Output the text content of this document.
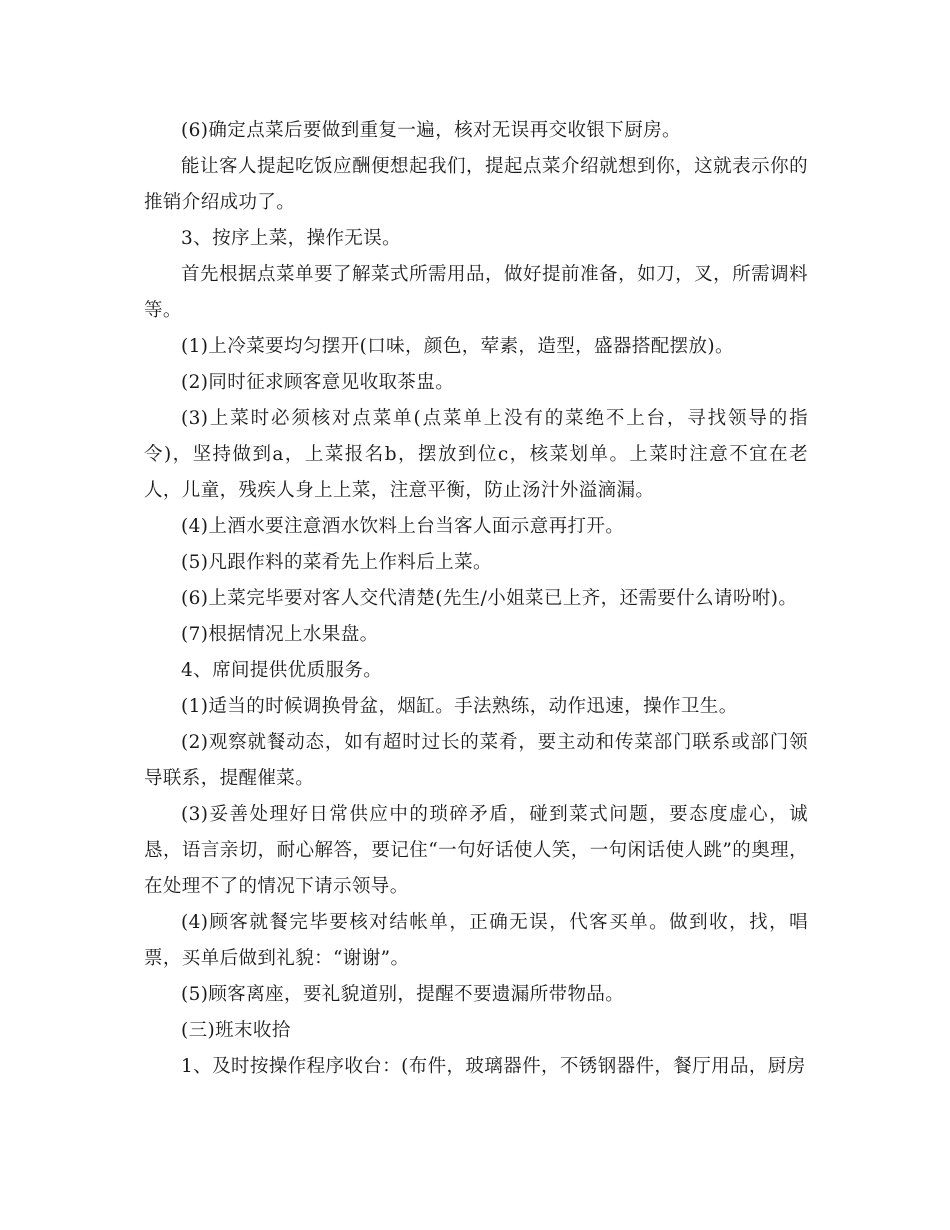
(6)确定点菜后要做到重复一遍，核对无误再交收银下厨房。

能让客人提起吃饭应酬便想起我们，提起点菜介绍就想到你，这就表示你的推销介绍成功了。

3、按序上菜，操作无误。

首先根据点菜单要了解菜式所需用品，做好提前准备，如刀，叉，所需调料等。

(1)上冷菜要均匀摆开(口味，颜色，荤素，造型，盛器搭配摆放)。

(2)同时征求顾客意见收取茶盅。

(3)上菜时必须核对点菜单(点菜单上没有的菜绝不上台，寻找领导的指令)，坚持做到a，上菜报名b，摆放到位c，核菜划单。上菜时注意不宜在老人，儿童，残疾人身上上菜，注意平衡，防止汤汁外溢滴漏。

(4)上酒水要注意酒水饮料上台当客人面示意再打开。

(5)凡跟作料的菜肴先上作料后上菜。

(6)上菜完毕要对客人交代清楚(先生/小姐菜已上齐，还需要什么请吩咐)。

(7)根据情况上水果盘。

4、席间提供优质服务。

(1)适当的时候调换骨盆，烟缸。手法熟练，动作迅速，操作卫生。

(2)观察就餐动态，如有超时过长的菜肴，要主动和传菜部门联系或部门领导联系，提醒催菜。

(3)妥善处理好日常供应中的琐碎矛盾，碰到菜式问题，要态度虚心，诚恳，语言亲切，耐心解答，要记住“一句好话使人笑，一句闲话使人跳”的奥理，在处理不了的情况下请示领导。

(4)顾客就餐完毕要核对结帐单，正确无误，代客买单。做到收，找，唱票，买单后做到礼貌：“谢谢”。

(5)顾客离座，要礼貌道别，提醒不要遗漏所带物品。

(三)班末收拾

1、及时按操作程序收台：(布件，玻璃器件，不锈钢器件，餐厅用品，厨房
